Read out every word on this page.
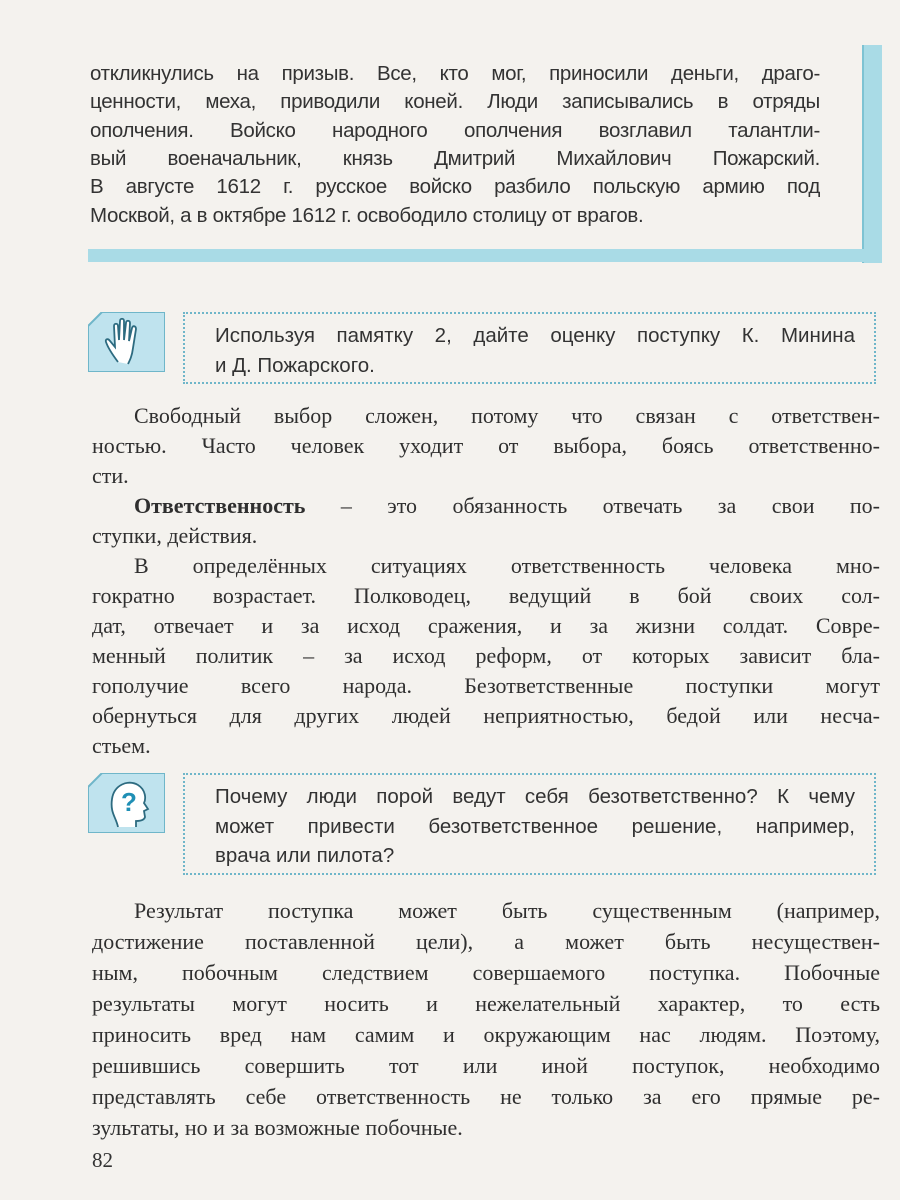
откликнулись на призыв. Все, кто мог, приносили деньги, драго-
ценности, меха, приводили коней. Люди записывались в отряды
ополчения. Войско народного ополчения возглавил талантли-
вый военачальник, князь Дмитрий Михайлович Пожарский.
В августе 1612 г. русское войско разбило польскую армию под
Москвой, а в октябре 1612 г. освободило столицу от врагов.
Используя памятку 2, дайте оценку поступку К. Минина
и Д. Пожарского.
Свободный выбор сложен, потому что связан с ответствен-
ностью. Часто человек уходит от выбора, боясь ответственно-
сти.
Ответственность – это обязанность отвечать за свои по-
ступки, действия.
В определённых ситуациях ответственность человека мно-
гократно возрастает. Полководец, ведущий в бой своих сол-
дат, отвечает и за исход сражения, и за жизни солдат. Совре-
менный политик – за исход реформ, от которых зависит бла-
гополучие всего народа. Безответственные поступки могут
обернуться для других людей неприятностью, бедой или несча-
стьем.
?	Почему люди порой ведут себя безответственно? К чему
может привести безответственное решение, например,
врача или пилота?
Результат поступка может быть существенным (например,
достижение поставленной цели), а может быть несуществен-
ным, побочным следствием совершаемого поступка. Побочные
результаты могут носить и нежелательный характер, то есть
приносить вред нам самим и окружающим нас людям. Поэтому,
решившись совершить тот или иной поступок, необходимо
представлять себе ответственность не только за его прямые ре-
зультаты, но и за возможные побочные.
82
